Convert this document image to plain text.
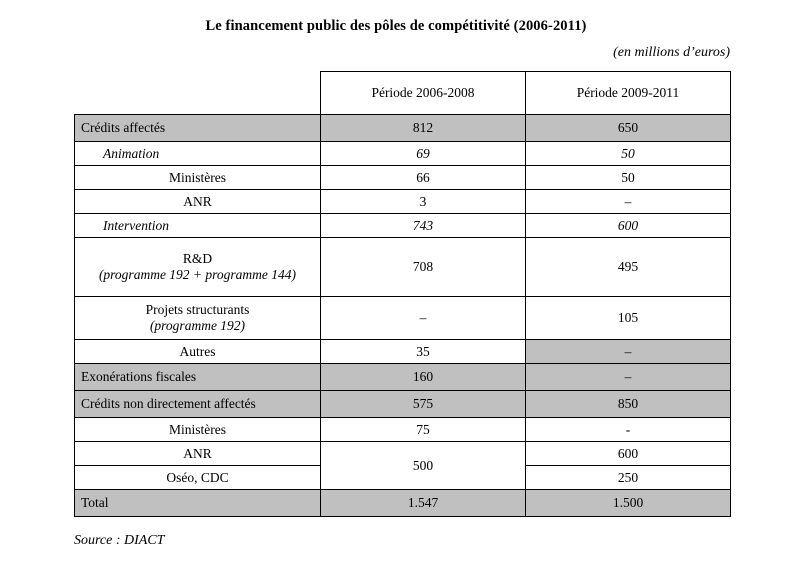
Le financement public des pôles de compétitivité (2006-2011)
(en millions d’euros)
	Période 2006-2008	Période 2009-2011
Crédits affectés	812	650
Animation	69	50
Ministères	66	50
ANR	3	–
Intervention	743	600

R&D
(programme 192 + programme 144)	708	495

Projets structurants
(programme 192)	–	105
Autres	35	–
Exonérations fiscales	160	–
Crédits non directement affectés	575	850
Ministères	75	-
ANR	500	600
Oséo, CDC		250
Total	1.547	1.500
Source : DIACT
